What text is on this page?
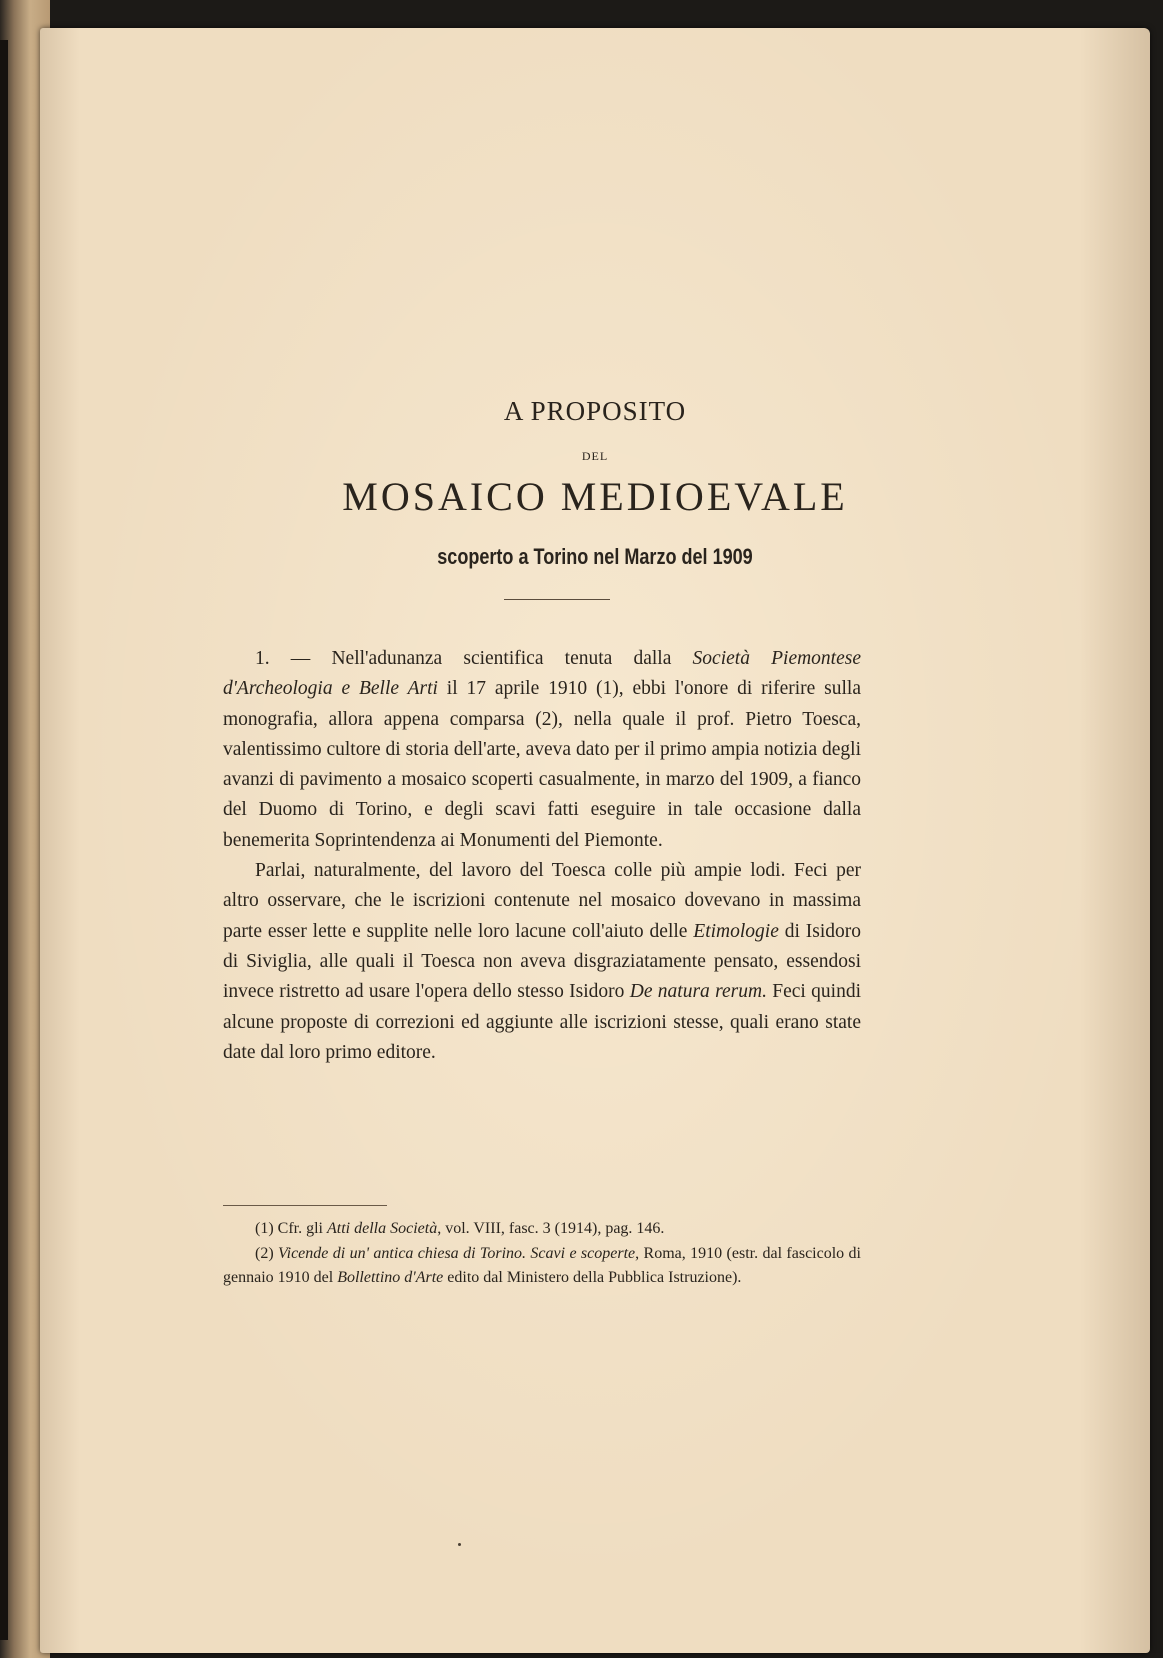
A PROPOSITO
DEL
MOSAICO MEDIOEVALE
scoperto a Torino nel Marzo del 1909

1. — Nell'adunanza scientifica tenuta dalla Società Piemontese d'Archeologia e Belle Arti il 17 aprile 1910 (1), ebbi l'onore di riferire sulla monografia, allora appena comparsa (2), nella quale il prof. Pietro Toesca, valentissimo cultore di storia dell'arte, aveva dato per il primo ampia notizia degli avanzi di pavimento a mosaico scoperti casualmente, in marzo del 1909, a fianco del Duomo di Torino, e degli scavi fatti eseguire in tale occasione dalla benemerita Soprintendenza ai Monumenti del Piemonte.

Parlai, naturalmente, del lavoro del Toesca colle più ampie lodi. Feci per altro osservare, che le iscrizioni contenute nel mosaico dovevano in massima parte esser lette e supplite nelle loro lacune coll'aiuto delle Etimologie di Isidoro di Siviglia, alle quali il Toesca non aveva disgraziatamente pensato, essendosi invece ristretto ad usare l'opera dello stesso Isidoro De natura rerum. Feci quindi alcune proposte di correzioni ed aggiunte alle iscrizioni stesse, quali erano state date dal loro primo editore.

(1) Cfr. gli Atti della Società, vol. VIII, fasc. 3 (1914), pag. 146.

(2) Vicende di un' antica chiesa di Torino. Scavi e scoperte, Roma, 1910 (estr. dal fascicolo di gennaio 1910 del Bollettino d'Arte edito dal Ministero della Pubblica Istruzione).
